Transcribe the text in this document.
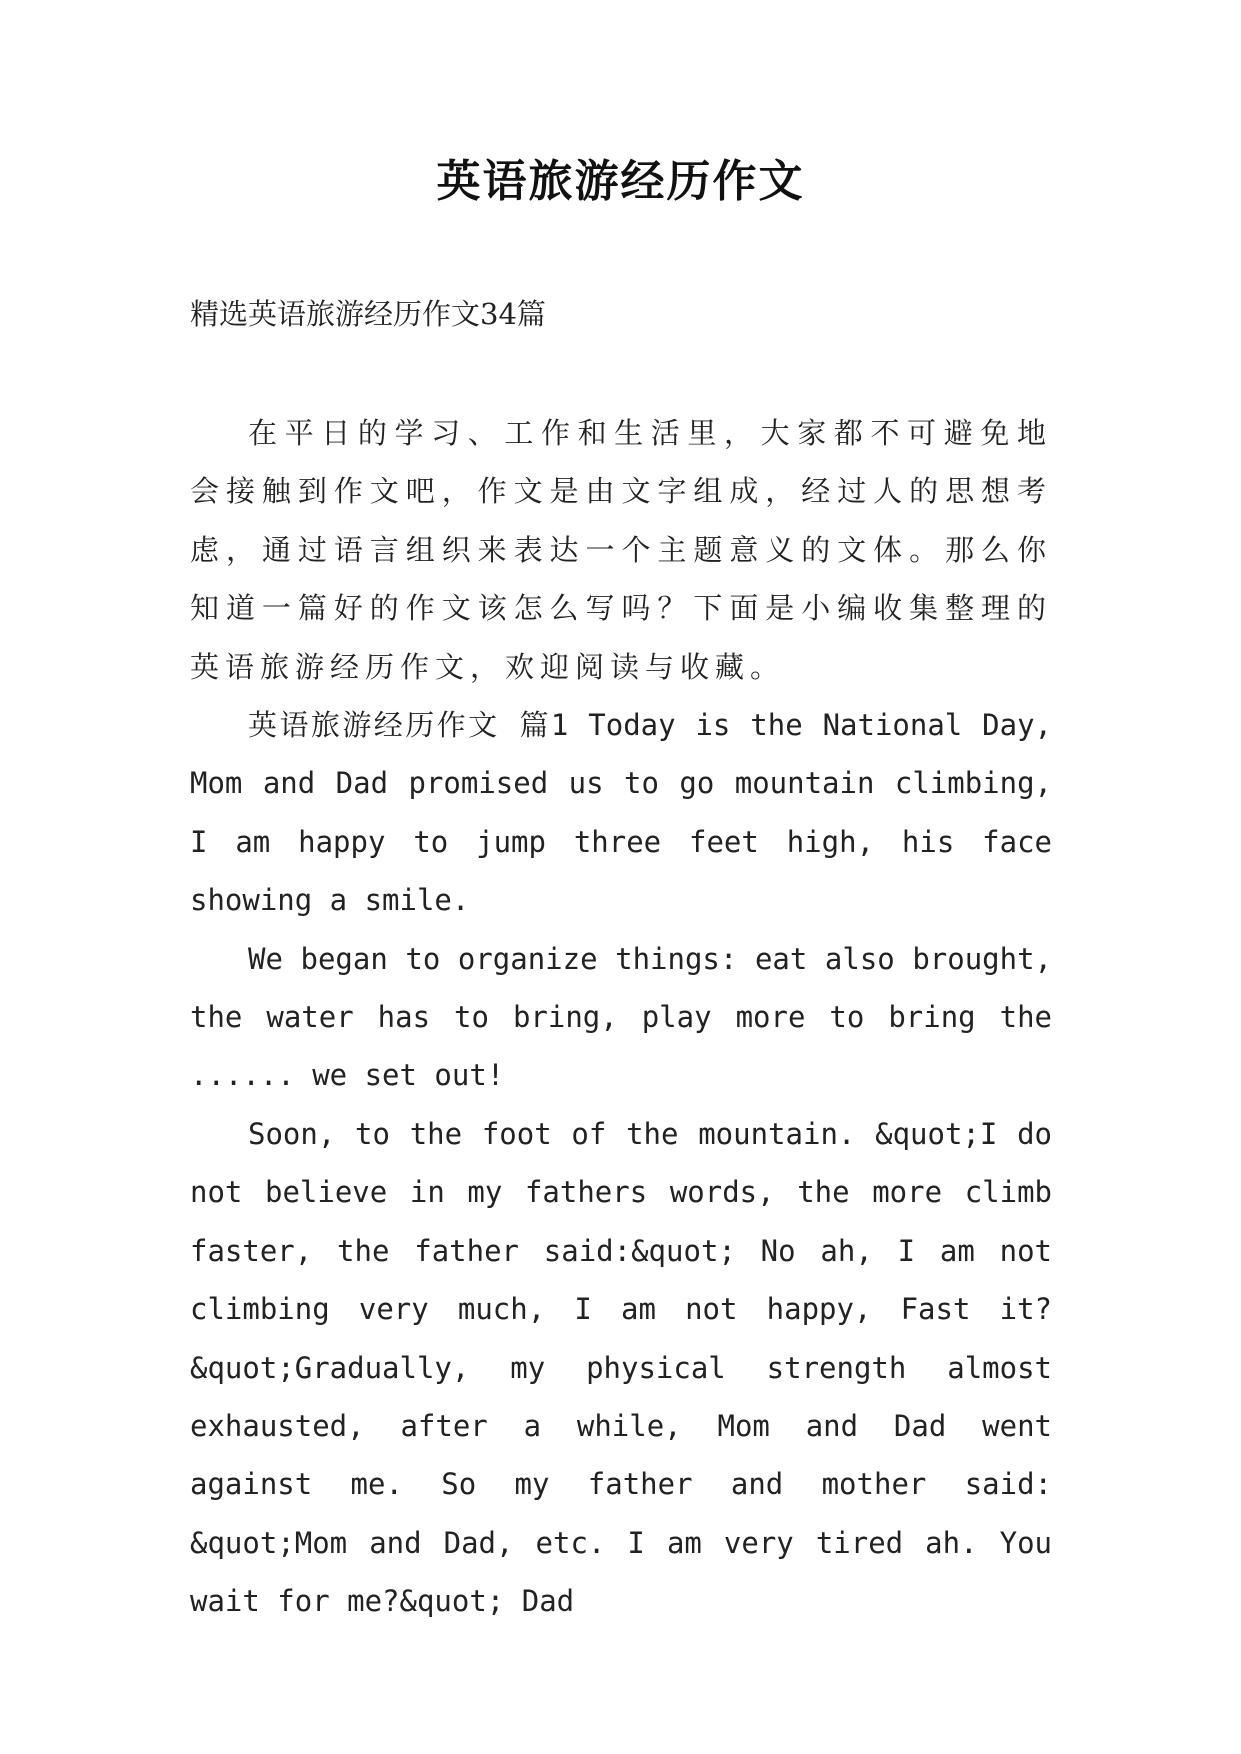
英语旅游经历作文
精选英语旅游经历作文34篇

在平日的学习、工作和生活里，大家都不可避免地会接触到作文吧，作文是由文字组成，经过人的思想考虑，通过语言组织来表达一个主题意义的文体。那么你知道一篇好的作文该怎么写吗？下面是小编收集整理的英语旅游经历作文，欢迎阅读与收藏。

英语旅游经历作文 篇1 Today is the National Day, Mom and Dad promised us to go mountain climbing, I am happy to jump three feet high, his face showing a smile.

We began to organize things: eat also brought, the water has to bring, play more to bring the ...... we set out!

Soon, to the foot of the mountain. &quot;I do not believe in my fathers words, the more climb faster, the father said:&quot; No ah, I am not climbing very much, I am not happy, Fast it? &quot;Gradually, my physical strength almost exhausted, after a while, Mom and Dad went against me. So my father and mother said: &quot;Mom and Dad, etc. I am very tired ah. You wait for me?&quot; Dad
